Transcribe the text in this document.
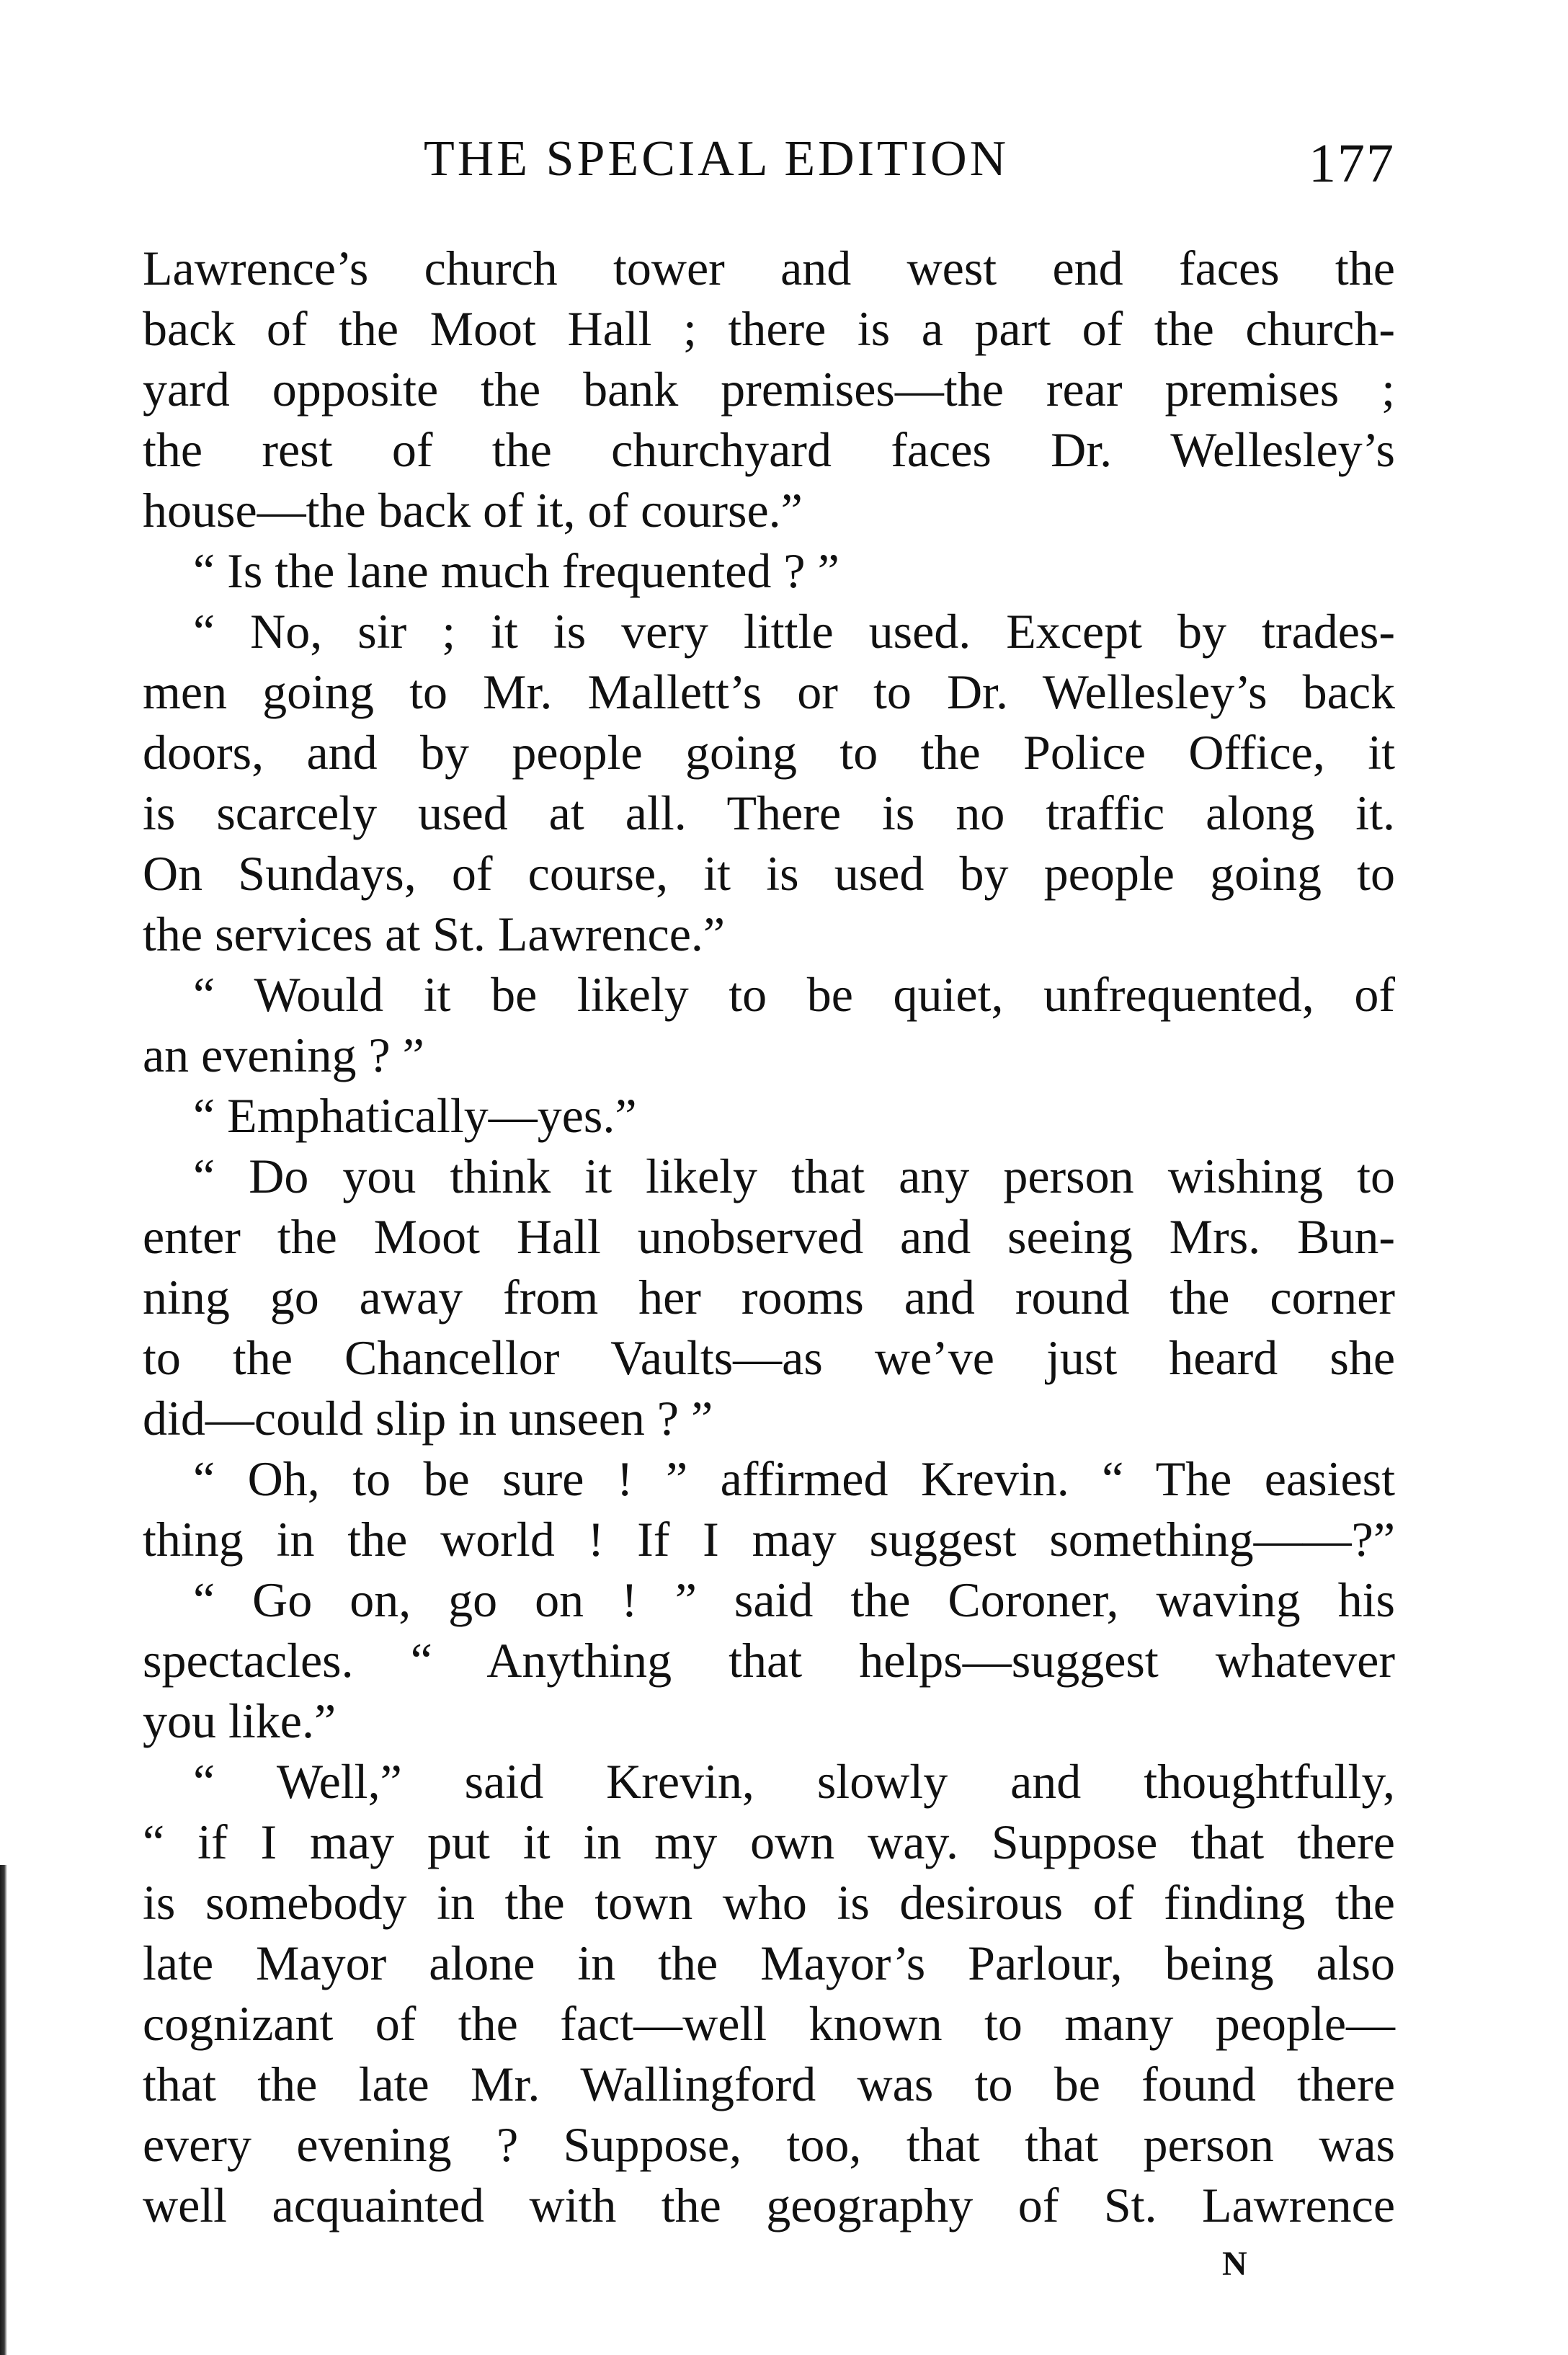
THE SPECIAL EDITION	177
Lawrence’s church tower and west end faces the
back of the Moot Hall ; there is a part of the church-
yard opposite the bank premises—the rear premises ;
the rest of the churchyard faces Dr. Wellesley’s
house—the back of it, of course.”
“ Is the lane much frequented ? ”
“ No, sir ; it is very little used. Except by trades-
men going to Mr. Mallett’s or to Dr. Wellesley’s back
doors, and by people going to the Police Office, it
is scarcely used at all. There is no traffic along it.
On Sundays, of course, it is used by people going to
the services at St. Lawrence.”
“ Would it be likely to be quiet, unfrequented, of
an evening ? ”
“ Emphatically—yes.”
“ Do you think it likely that any person wishing to
enter the Moot Hall unobserved and seeing Mrs. Bun-
ning go away from her rooms and round the corner
to the Chancellor Vaults—as we’ve just heard she
did—could slip in unseen ? ”
“ Oh, to be sure ! ” affirmed Krevin. “ The easiest
thing in the world ! If I may suggest something——?”
“ Go on, go on ! ” said the Coroner, waving his
spectacles. “ Anything that helps—suggest whatever
you like.”
“ Well,” said Krevin, slowly and thoughtfully,
“ if I may put it in my own way. Suppose that there
is somebody in the town who is desirous of finding the
late Mayor alone in the Mayor’s Parlour, being also
cognizant of the fact—well known to many people—
that the late Mr. Wallingford was to be found there
every evening ? Suppose, too, that that person was
well acquainted with the geography of St. Lawrence
N
